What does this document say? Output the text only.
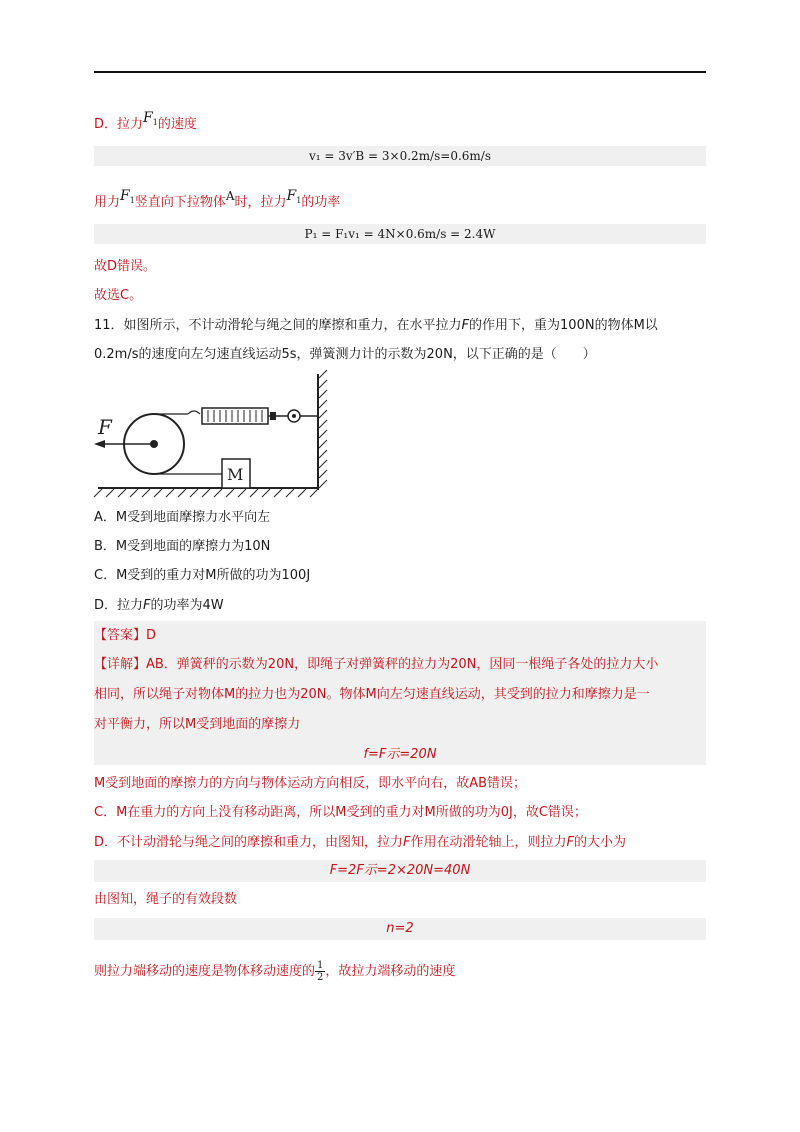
D．拉力$F_1$的速度
v₁ = 3v′B = 3×0.2m/s=0.6m/s
用力$F_1$竖直向下拉物体A时，拉力$F_1$的功率
P₁ = F₁v₁ = 4N×0.6m/s = 2.4W
故D错误。
故选C。
11．如图所示，不计动滑轮与绳之间的摩擦和重力，在水平拉力F的作用下，重为100N的物体M以
0.2m/s的速度向左匀速直线运动5s，弹簧测力计的示数为20N，以下正确的是（　　）
F
M
A．M受到地面摩擦力水平向左
B．M受到地面的摩擦力为10N
C．M受到的重力对M所做的功为100J
D．拉力F的功率为4W
【答案】D
【详解】AB．弹簧秤的示数为20N，即绳子对弹簧秤的拉力为20N，因同一根绳子各处的拉力大小
相同，所以绳子对物体M的拉力也为20N。物体M向左匀速直线运动，其受到的拉力和摩擦力是一
对平衡力，所以M受到地面的摩擦力
f=F示=20N
M受到地面的摩擦力的方向与物体运动方向相反，即水平向右，故AB错误；
C．M在重力的方向上没有移动距离，所以M受到的重力对M所做的功为0J，故C错误；
D．不计动滑轮与绳之间的摩擦和重力，由图知，拉力F作用在动滑轮轴上，则拉力F的大小为
F=2F示=2×20N=40N
由图知，绳子的有效段数
n=2
则拉力端移动的速度是物体移动速度的 $\frac{1}{2}$ ，故拉力端移动的速度
